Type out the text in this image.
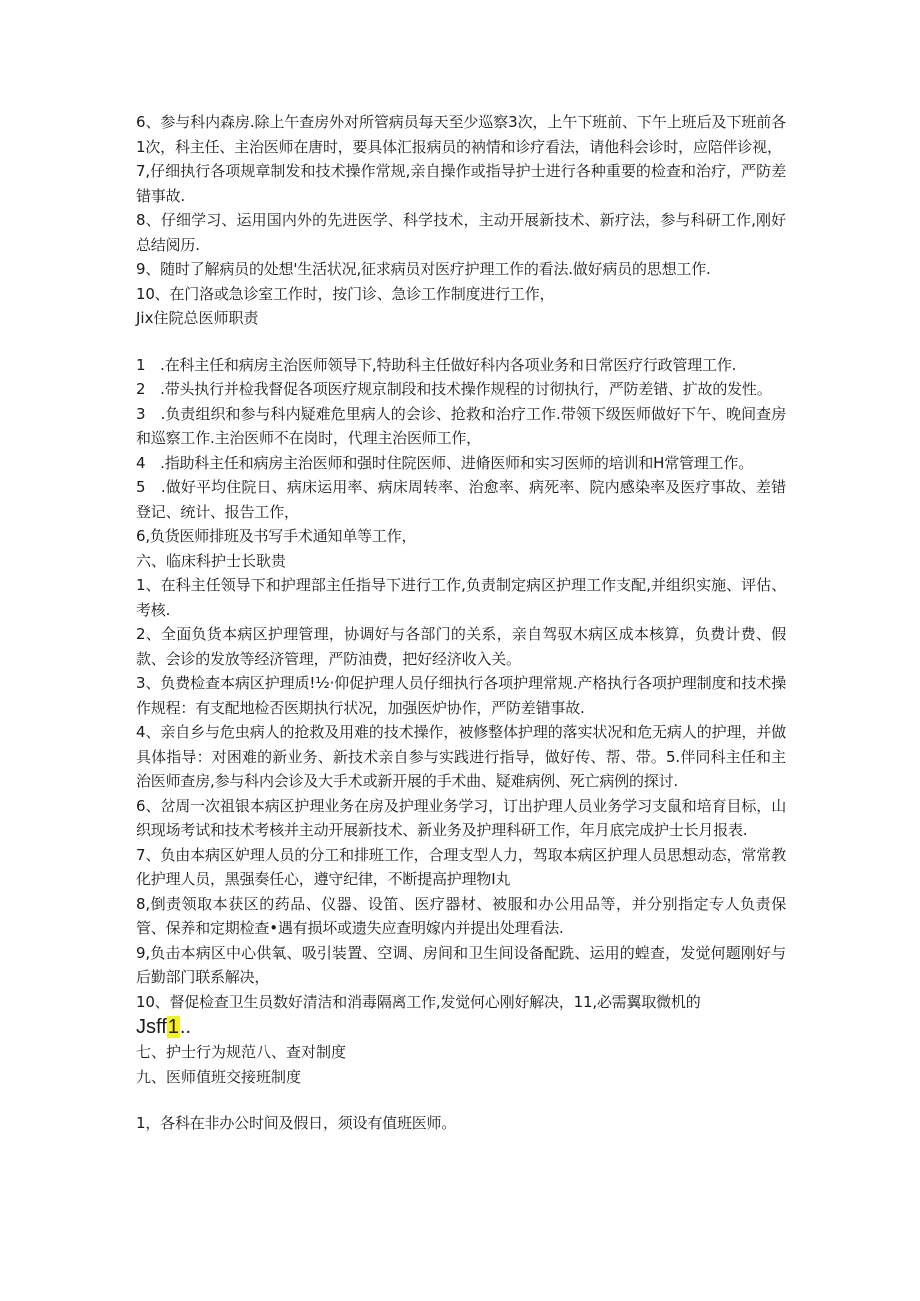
6、参与科内森房.除上午查房外对所管病员每天至少巡察3次，上午下班前、下午上班后及下班前各1次，科主任、主治医师在唐时，要具体汇报病员的衲情和诊疗看法，请他科会诊时，应陪伴诊视，

7,仔细执行各项规章制发和技术操作常规,亲自操作或指导护士进行各种重要的检查和治疗，严防差错事故.

8、仔细学习、运用国内外的先进医学、科学技术，主动开展新技术、新疗法，参与科研工作,刚好总结阅历.

9、随时了解病员的处想'生活状况,征求病员对医疗护理工作的看法.做好病员的思想工作.

10、在门洛或急诊室工作时，按门诊、急诊工作制度进行工作，

Jix住院总医师职责

1　.在科主任和病房主治医师领导下,特助科主任做好科内各项业务和日常医疗行政管理工作.

2　.带头执行并检我督促各项医疗规京制段和技术操作规程的讨彻执行，严防差错、扩故的发性。

3　.负责组织和参与科内疑难危里病人的会诊、抢救和治疗工作.带领下级医师做好下午、晚间查房和巡察工作.主治医师不在岗时，代理主治医师工作，

4　.指助科主任和病房主治医师和强时住院医师、进脩医师和实习医师的培训和H常管理工作。

5　.做好平均住院日、病床运用率、病床周转率、治愈率、病死率、院内感染率及医疗事故、差错登记、统计、报告工作，

6,负货医师排班及书写手术通知单等工作，

六、临床科护士长耿贵

1、在科主任领导下和护理部主任指导下进行工作,负责制定病区护理工作支配,并组织实施、评估、考核.

2、全面负货本病区护理管理，协调好与各部门的关系，亲自驾驭木病区成本核算，负费计费、假款、会诊的发放等经济管理，严防油费，把好经济收入关。

3、负费检查本病区护理质!½·仰促护理人员仔细执行各项护理常规.产格执行各项护理制度和技术操作规程：有支配地检否医期执行状况，加强医炉协作，严防差错事故.

4、亲自乡与危虫病人的抢救及用难的技术操作，被修整体护理的落实状况和危无病人的护理，并做具体指导：对困难的新业务、新技术亲自参与实践进行指导，做好传、帮、带。5.伴同科主任和主治医师查房,参与科内会诊及大手术或新开展的手术曲、疑难病例、死亡病例的探讨.

6、岔周一次祖银本病区护理业务在房及护理业务学习，订出护理人员业务学习支鼠和培育目标，山织现场考试和技术考核并主动开展新技术、新业务及护理科研工作，年月底完成护士长月报表.

7、负由本病区妒理人员的分工和排班工作，合理支型人力，驾取本病区护理人员思想动态，常常教化护理人员，黑强奏任心，遵守纪律，不断提高护理物I丸

8,倒责领取本获区的药品、仪器、设笛、医疗器材、被服和办公用品等，并分别指定专人负责保管、保养和定期检查•遇有损坏或遗失应查明嫁内并提出处理看法.

9,负击本病区中心供氧、吸引装置、空调、房间和卫生间设备配跣、运用的蝗查，发觉何题刚好与后勤部门联系解决，

10、督促检查卫生员数好清洁和消毒隔离工作,发觉何心刚好解决，11,必需翼取微机的

Jsff1..

七、护士行为规范八、查对制度

九、医师值班交接班制度

1，各科在非办公时间及假日，须设有值班医师。
